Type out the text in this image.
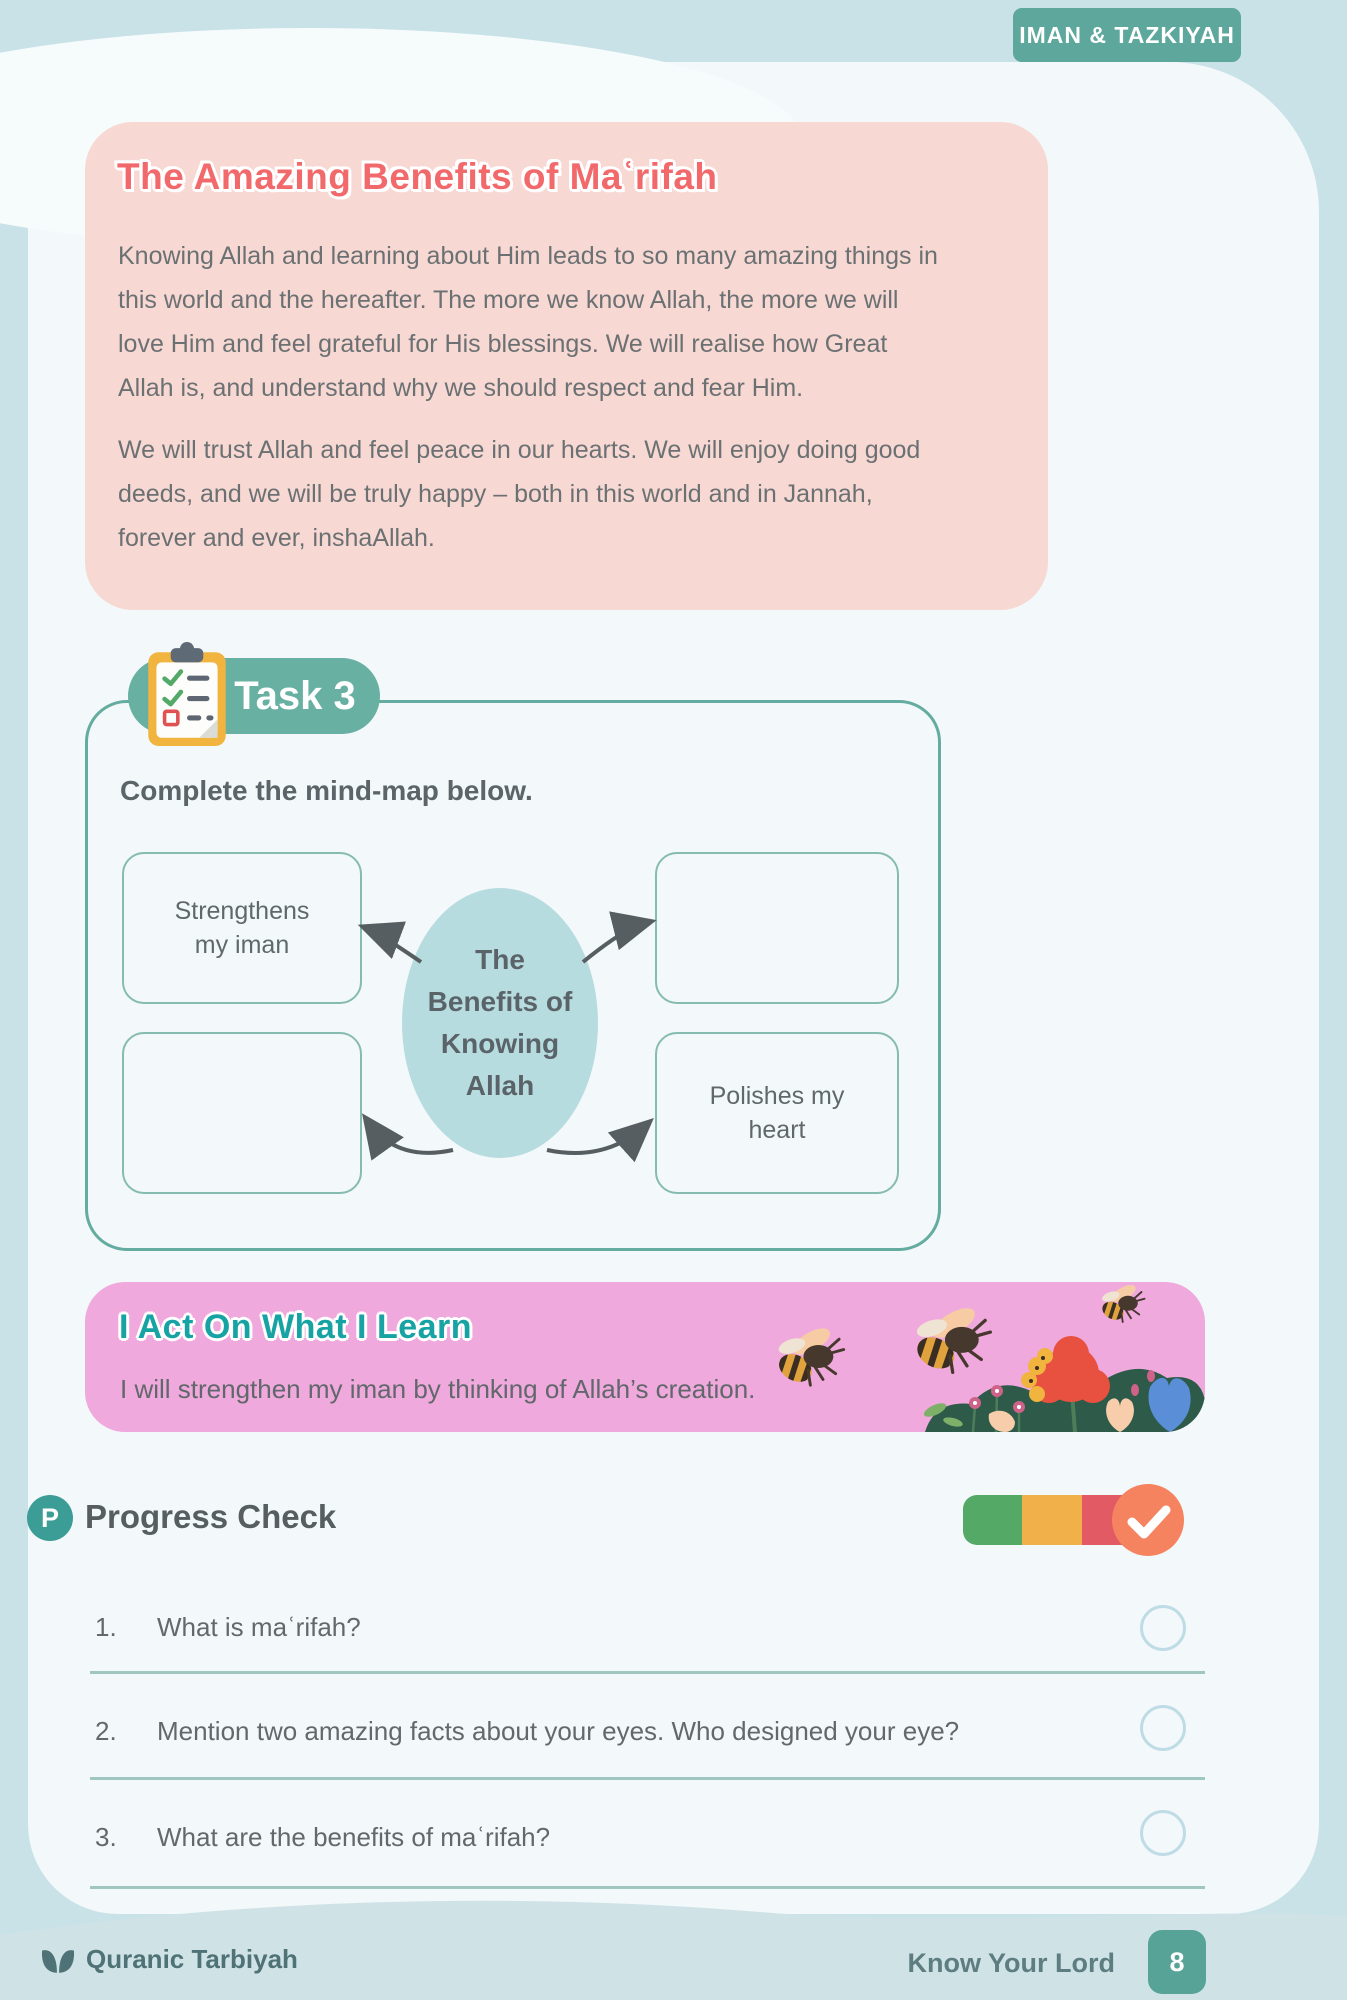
IMAN & TAZKIYAH
The Amazing Benefits of Maʿrifah

Knowing Allah and learning about Him leads to so many amazing things in this world and the hereafter. The more we know Allah, the more we will love Him and feel grateful for His blessings. We will realise how Great Allah is, and understand why we should respect and fear Him.

We will trust Allah and feel peace in our hearts. We will enjoy doing good deeds, and we will be truly happy – both in this world and in Jannah, forever and ever, inshaAllah.

Task 3
Complete the mind-map below.
Strengthens my iman
Polishes my heart
The
Benefits of
Knowing
Allah
I Act On What I Learn
I will strengthen my iman by thinking of Allah’s creation.
P Progress Check
1. What is maʿrifah?
2. Mention two amazing facts about your eyes. Who designed your eye?
3. What are the benefits of maʿrifah?
Quranic Tarbiyah	Know Your Lord 8
